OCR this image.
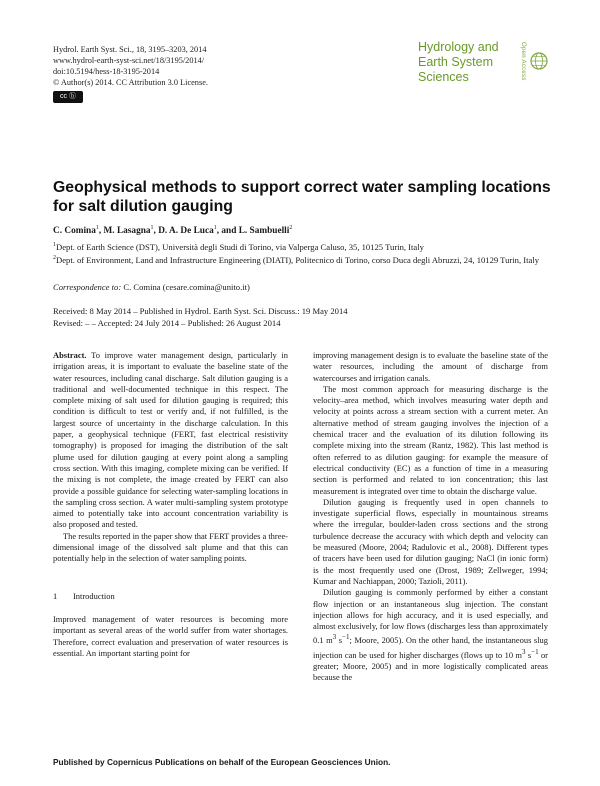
Hydrol. Earth Syst. Sci., 18, 3195–3203, 2014
www.hydrol-earth-syst-sci.net/18/3195/2014/
doi:10.5194/hess-18-3195-2014
© Author(s) 2014. CC Attribution 3.0 License.
cc ⓑ
Hydrology and
Earth System
Sciences	Open Access
Geophysical methods to support correct water sampling locations for salt dilution gauging
C. Comina$^1$, M. Lasagna$^1$, D. A. De Luca$^1$, and L. Sambuelli$^2$
$^1$Dept. of Earth Science (DST), Università degli Studi di Torino, via Valperga Caluso, 35, 10125 Turin, Italy
$^2$Dept. of Environment, Land and Infrastructure Engineering (DIATI), Politecnico di Torino, corso Duca degli Abruzzi, 24, 10129 Turin, Italy
Correspondence to: C. Comina (cesare.comina@unito.it)
Received: 8 May 2014 – Published in Hydrol. Earth Syst. Sci. Discuss.: 19 May 2014
Revised: – – Accepted: 24 July 2014 – Published: 26 August 2014

Abstract. To improve water management design, particularly in irrigation areas, it is important to evaluate the baseline state of the water resources, including canal discharge. Salt dilution gauging is a traditional and well-documented technique in this respect. The complete mixing of salt used for dilution gauging is required; this condition is difficult to test or verify and, if not fulfilled, is the largest source of uncertainty in the discharge calculation. In this paper, a geophysical technique (FERT, fast electrical resistivity tomography) is proposed for imaging the distribution of the salt plume used for dilution gauging at every point along a sampling cross section. With this imaging, complete mixing can be verified. If the mixing is not complete, the image created by FERT can also provide a possible guidance for selecting water-sampling locations in the sampling cross section. A water multi-sampling system prototype aimed to potentially take into account concentration variability is also proposed and tested.

The results reported in the paper show that FERT provides a three-dimensional image of the dissolved salt plume and that this can potentially help in the selection of water sampling points.

1 Introduction

Improved management of water resources is becoming more important as several areas of the world suffer from water shortages. Therefore, correct evaluation and preservation of water resources is essential. An important starting point for

improving management design is to evaluate the baseline state of the water resources, including the amount of discharge from watercourses and irrigation canals.

The most common approach for measuring discharge is the velocity–area method, which involves measuring water depth and velocity at points across a stream section with a current meter. An alternative method of stream gauging involves the injection of a chemical tracer and the evaluation of its dilution following its complete mixing into the stream (Rantz, 1982). This last method is often referred to as dilution gauging: for example the measure of electrical conductivity (EC) as a function of time in a measuring section is performed and related to ion concentration; this last measurement is integrated over time to obtain the discharge value.

Dilution gauging is frequently used in open channels to investigate superficial flows, especially in mountainous streams where the irregular, boulder-laden cross sections and the strong turbulence decrease the accuracy with which depth and velocity can be measured (Moore, 2004; Radulovic et al., 2008). Different types of tracers have been used for dilution gauging; NaCl (in ionic form) is the most frequently used one (Drost, 1989; Zellweger, 1994; Kumar and Nachiappan, 2000; Tazioli, 2011).

Dilution gauging is commonly performed by either a constant flow injection or an instantaneous slug injection. The constant injection allows for high accuracy, and it is used especially, and almost exclusively, for low flows (discharges less than approximately 0.1 $m^3$ $s^{-1}$; Moore, 2005). On the other hand, the instantaneous slug injection can be used for higher discharges (flows up to 10 $m^3$ $s^{-1}$ or greater; Moore, 2005) and in more logistically complicated areas because the

Published by Copernicus Publications on behalf of the European Geosciences Union.
